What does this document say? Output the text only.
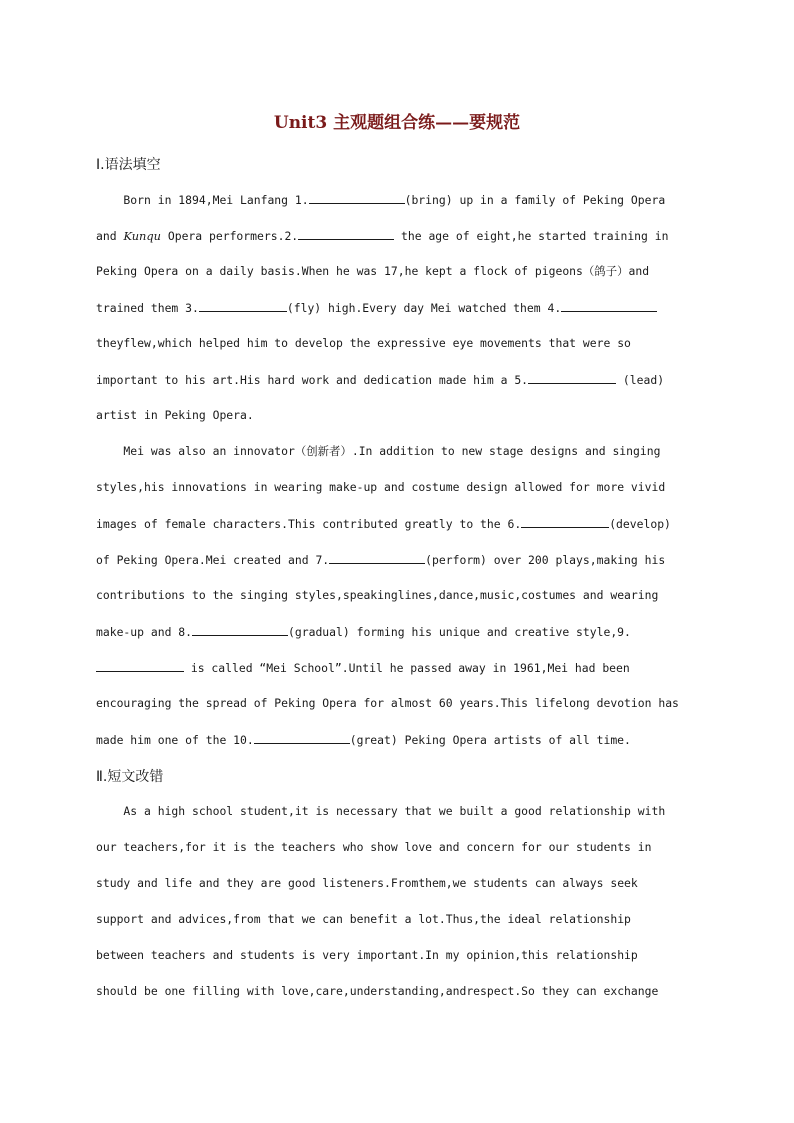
Unit3 主观题组合练——要规范
Ⅰ.语法填空
Born in 1894,Mei Lanfang 1.	(bring) up in a family of Peking Opera
and Kunqu Opera performers.2.	the age of eight,he started training in
Peking Opera on a daily basis.When he was 17,he kept a flock of pigeons（鸽子）and
trained them 3.	(fly) high.Every day Mei watched them 4.
theyflew,which helped him to develop the expressive eye movements that were so
important to his art.His hard work and dedication made him a 5.	(lead)
artist in Peking Opera.
Mei was also an innovator（创新者）.In addition to new stage designs and singing
styles,his innovations in wearing make-up and costume design allowed for more vivid
images of female characters.This contributed greatly to the 6.	(develop)
of Peking Opera.Mei created and 7.	(perform) over 200 plays,making his
contributions to the singing styles,speakinglines,dance,music,costumes and wearing
make-up and 8.	(gradual) forming his unique and creative style,9.
is called “Mei School”.Until he passed away in 1961,Mei had been
encouraging the spread of Peking Opera for almost 60 years.This lifelong devotion has
made him one of the 10.	(great) Peking Opera artists of all time.
Ⅱ.短文改错
As a high school student,it is necessary that we built a good relationship with
our teachers,for it is the teachers who show love and concern for our students in
study and life and they are good listeners.Fromthem,we students can always seek
support and advices,from that we can benefit a lot.Thus,the ideal relationship
between teachers and students is very important.In my opinion,this relationship
should be one filling with love,care,understanding,andrespect.So they can exchange
